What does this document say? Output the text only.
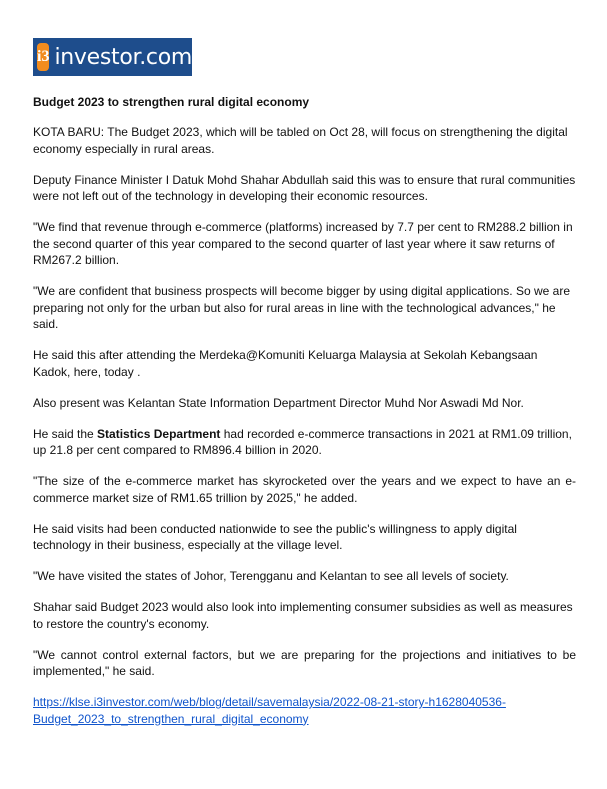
i3 investor.com

Budget 2023 to strengthen rural digital economy

KOTA BARU: The Budget 2023, which will be tabled on Oct 28, will focus on strengthening the digital economy especially in rural areas.

Deputy Finance Minister I Datuk Mohd Shahar Abdullah said this was to ensure that rural communities were not left out of the technology in developing their economic resources.

"We find that revenue through e-commerce (platforms) increased by 7.7 per cent to RM288.2 billion in the second quarter of this year compared to the second quarter of last year where it saw returns of RM267.2 billion.

"We are confident that business prospects will become bigger by using digital applications. So we are preparing not only for the urban but also for rural areas in line with the technological advances," he said.

He said this after attending the Merdeka@Komuniti Keluarga Malaysia at Sekolah Kebangsaan Kadok, here, today .

Also present was Kelantan State Information Department Director Muhd Nor Aswadi Md Nor.

He said the Statistics Department had recorded e-commerce transactions in 2021 at RM1.09 trillion, up 21.8 per cent compared to RM896.4 billion in 2020.

"The size of the e-commerce market has skyrocketed over the years and we expect to have an e-commerce market size of RM1.65 trillion by 2025," he added.

He said visits had been conducted nationwide to see the public's willingness to apply digital technology in their business, especially at the village level.

"We have visited the states of Johor, Terengganu and Kelantan to see all levels of society.

Shahar said Budget 2023 would also look into implementing consumer subsidies as well as measures to restore the country's economy.

"We cannot control external factors, but we are preparing for the projections and initiatives to be implemented," he said.

https://klse.i3investor.com/web/blog/detail/savemalaysia/2022-08-21-story-h1628040536-
Budget_2023_to_strengthen_rural_digital_economy
